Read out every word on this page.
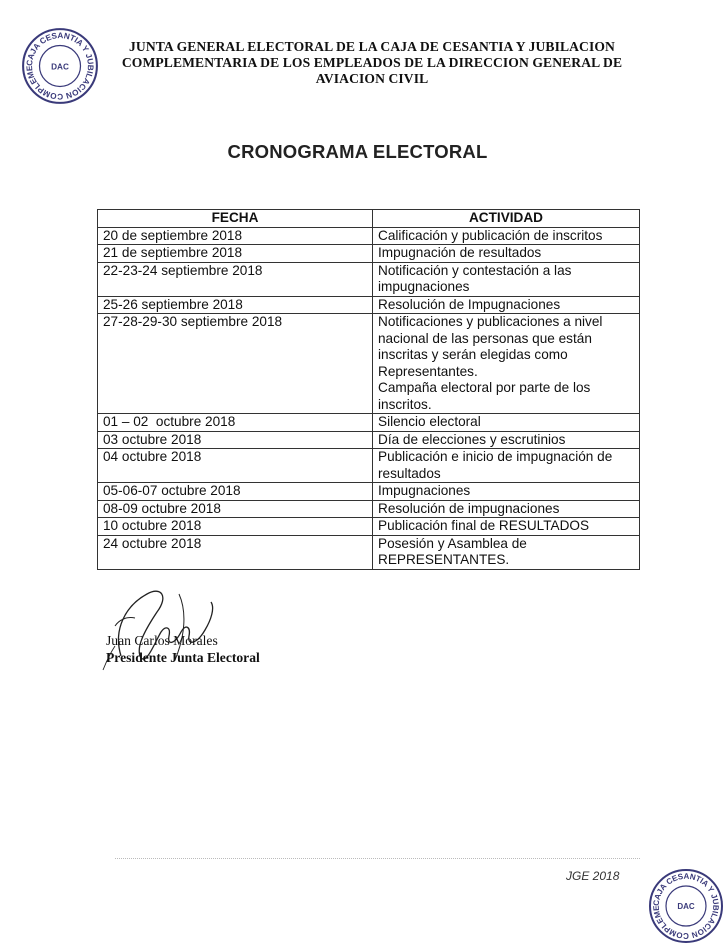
CAJA CESANTIA Y JUBILACION COMPLEME	DAC
JUNTA GENERAL ELECTORAL DE LA CAJA DE CESANTIA Y JUBILACION
COMPLEMENTARIA DE LOS EMPLEADOS DE LA DIRECCION GENERAL DE
AVIACION CIVIL
CRONOGRAMA ELECTORAL
FECHA	ACTIVIDAD
20 de septiembre 2018	Calificación y publicación de inscritos

21 de septiembre 2018	Impugnación de resultados

22-23-24 septiembre 2018	Notificación y contestación a las impugnaciones

25-26 septiembre 2018	Resolución de Impugnaciones

27-28-29-30 septiembre 2018	Notificaciones y publicaciones a nivel nacional de las personas que están inscritas y serán elegidas como Representantes.
Campaña electoral por parte de los inscritos.

01 – 02  octubre 2018	Silencio electoral

03 octubre 2018	Día de elecciones y escrutinios

04 octubre 2018	Publicación e inicio de impugnación de resultados

05-06-07 octubre 2018	Impugnaciones

08-09 octubre 2018	Resolución de impugnaciones

10 octubre 2018	Publicación final de RESULTADOS

24 octubre 2018	Posesión y Asamblea de REPRESENTANTES.
Juan Carlos Morales
Presidente Junta Electoral
JGE 2018
CAJA CESANTIA Y JUBILACION COMPLEME	DAC
